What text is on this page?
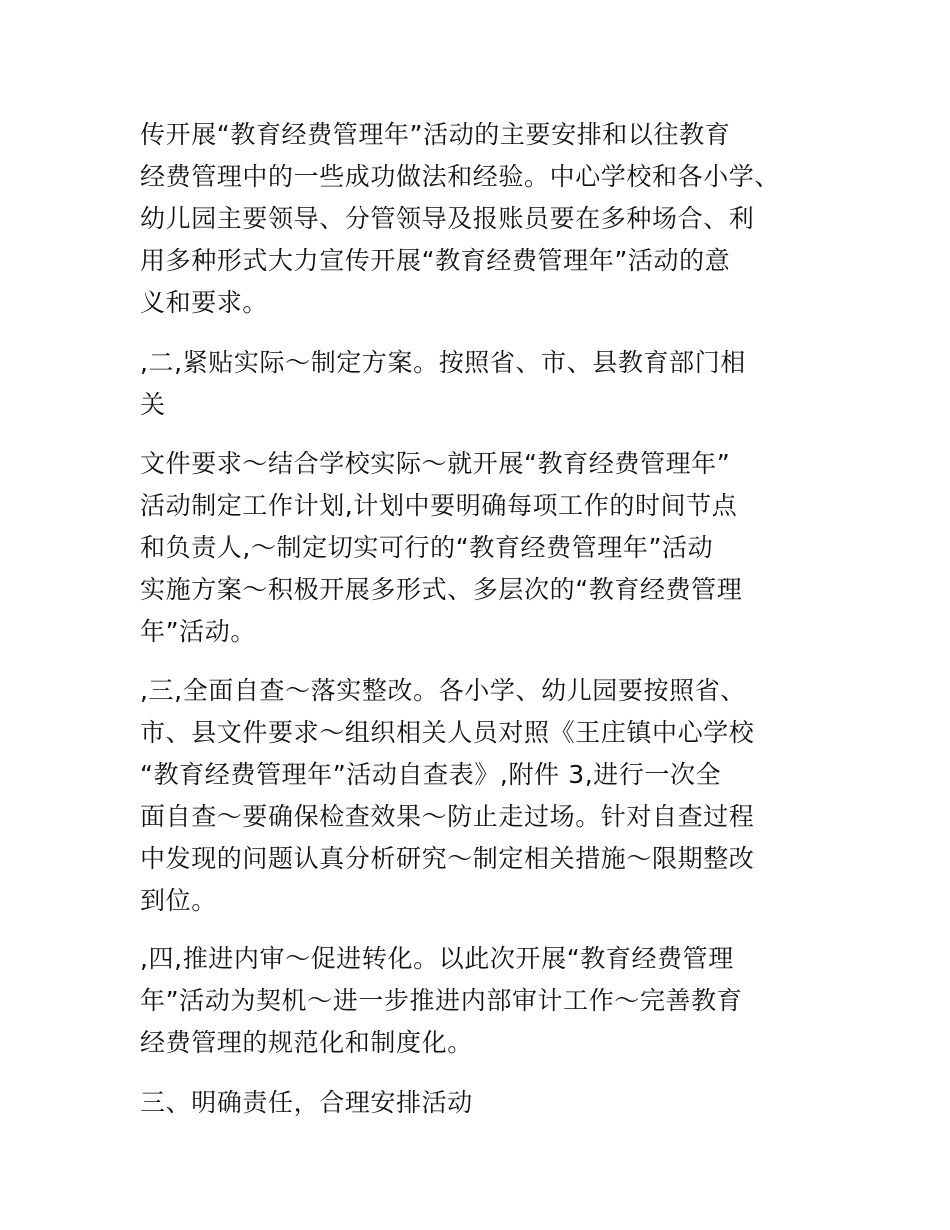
传开展“教育经费管理年”活动的主要安排和以往教育
经费管理中的一些成功做法和经验。中心学校和各小学、
幼儿园主要领导、分管领导及报账员要在多种场合、利
用多种形式大力宣传开展“教育经费管理年”活动的意
义和要求。
,二,紧贴实际～制定方案。按照省、市、县教育部门相
关
文件要求～结合学校实际～就开展“教育经费管理年”
活动制定工作计划,计划中要明确每项工作的时间节点
和负责人,～制定切实可行的“教育经费管理年”活动
实施方案～积极开展多形式、多层次的“教育经费管理
年”活动。
,三,全面自查～落实整改。各小学、幼儿园要按照省、
市、县文件要求～组织相关人员对照《王庄镇中心学校
“教育经费管理年”活动自查表》,附件 3,进行一次全
面自查～要确保检查效果～防止走过场。针对自查过程
中发现的问题认真分析研究～制定相关措施～限期整改
到位。
,四,推进内审～促进转化。以此次开展“教育经费管理
年”活动为契机～进一步推进内部审计工作～完善教育
经费管理的规范化和制度化。
三、明确责任，合理安排活动
